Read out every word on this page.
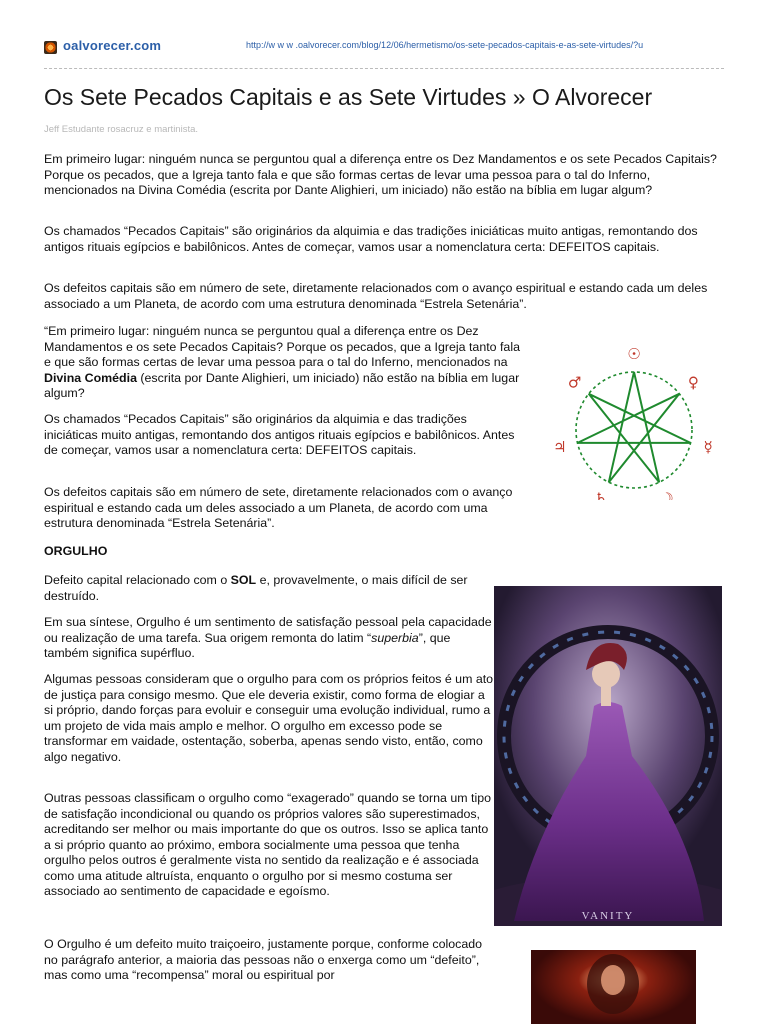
oalvorecer.com	http://w w w .oalvorecer.com/blog/12/06/hermetismo/os-sete-pecados-capitais-e-as-sete-virtudes/?u
Os Sete Pecados Capitais e as Sete Virtudes » O Alvorecer
Jeff Estudante rosacruz e martinista.

Em primeiro lugar: ninguém nunca se perguntou qual a diferença entre os Dez Mandamentos e os sete Pecados Capitais? Porque os pecados, que a Igreja tanto fala e que são formas certas de levar uma pessoa para o tal do Inferno, mencionados na Divina Comédia (escrita por Dante Alighieri, um iniciado) não estão na bíblia em lugar algum?

Os chamados “Pecados Capitais” são originários da alquimia e das tradições iniciáticas muito antigas, remontando dos antigos rituais egípcios e babilônicos. Antes de começar, vamos usar a nomenclatura certa: DEFEITOS capitais.

Os defeitos capitais são em número de sete, diretamente relacionados com o avanço espiritual e estando cada um deles associado a um Planeta, de acordo com uma estrutura denominada “Estrela Setenária”.

“Em primeiro lugar: ninguém nunca se perguntou qual a diferença entre os Dez Mandamentos e os sete Pecados Capitais? Porque os pecados, que a Igreja tanto fala e que são formas certas de levar uma pessoa para o tal do Inferno, mencionados na Divina Comédia (escrita por Dante Alighieri, um iniciado) não estão na bíblia em lugar algum?

Os chamados “Pecados Capitais” são originários da alquimia e das tradições iniciáticas muito antigas, remontando dos antigos rituais egípcios e babilônicos. Antes de começar, vamos usar a nomenclatura certa: DEFEITOS capitais.

Os defeitos capitais são em número de sete, diretamente relacionados com o avanço espiritual e estando cada um deles associado a um Planeta, de acordo com uma estrutura denominada “Estrela Setenária”.

☉
♀
☿
☽
♄
♃
♂

ORGULHO

Defeito capital relacionado com o SOL e, provavelmente, o mais difícil de ser destruído.

Em sua síntese, Orgulho é um sentimento de satisfação pessoal pela capacidade ou realização de uma tarefa. Sua origem remonta do latim “superbia”, que também significa supérfluo.

Algumas pessoas consideram que o orgulho para com os próprios feitos é um ato de justiça para consigo mesmo. Que ele deveria existir, como forma de elogiar a si próprio, dando forças para evoluir e conseguir uma evolução individual, rumo a um projeto de vida mais amplo e melhor. O orgulho em excesso pode se transformar em vaidade, ostentação, soberba, apenas sendo visto, então, como algo negativo.

Outras pessoas classificam o orgulho como “exagerado” quando se torna um tipo de satisfação incondicional ou quando os próprios valores são superestimados, acreditando ser melhor ou mais importante do que os outros. Isso se aplica tanto a si próprio quanto ao próximo, embora socialmente uma pessoa que tenha orgulho pelos outros é geralmente vista no sentido da realização e é associada como uma atitude altruísta, enquanto o orgulho por si mesmo costuma ser associado ao sentimento de capacidade e egoísmo.

O Orgulho é um defeito muito traiçoeiro, justamente porque, conforme colocado no parágrafo anterior, a maioria das pessoas não o enxerga como um “defeito”, mas como uma “recompensa” moral ou espiritual por

VANITY
